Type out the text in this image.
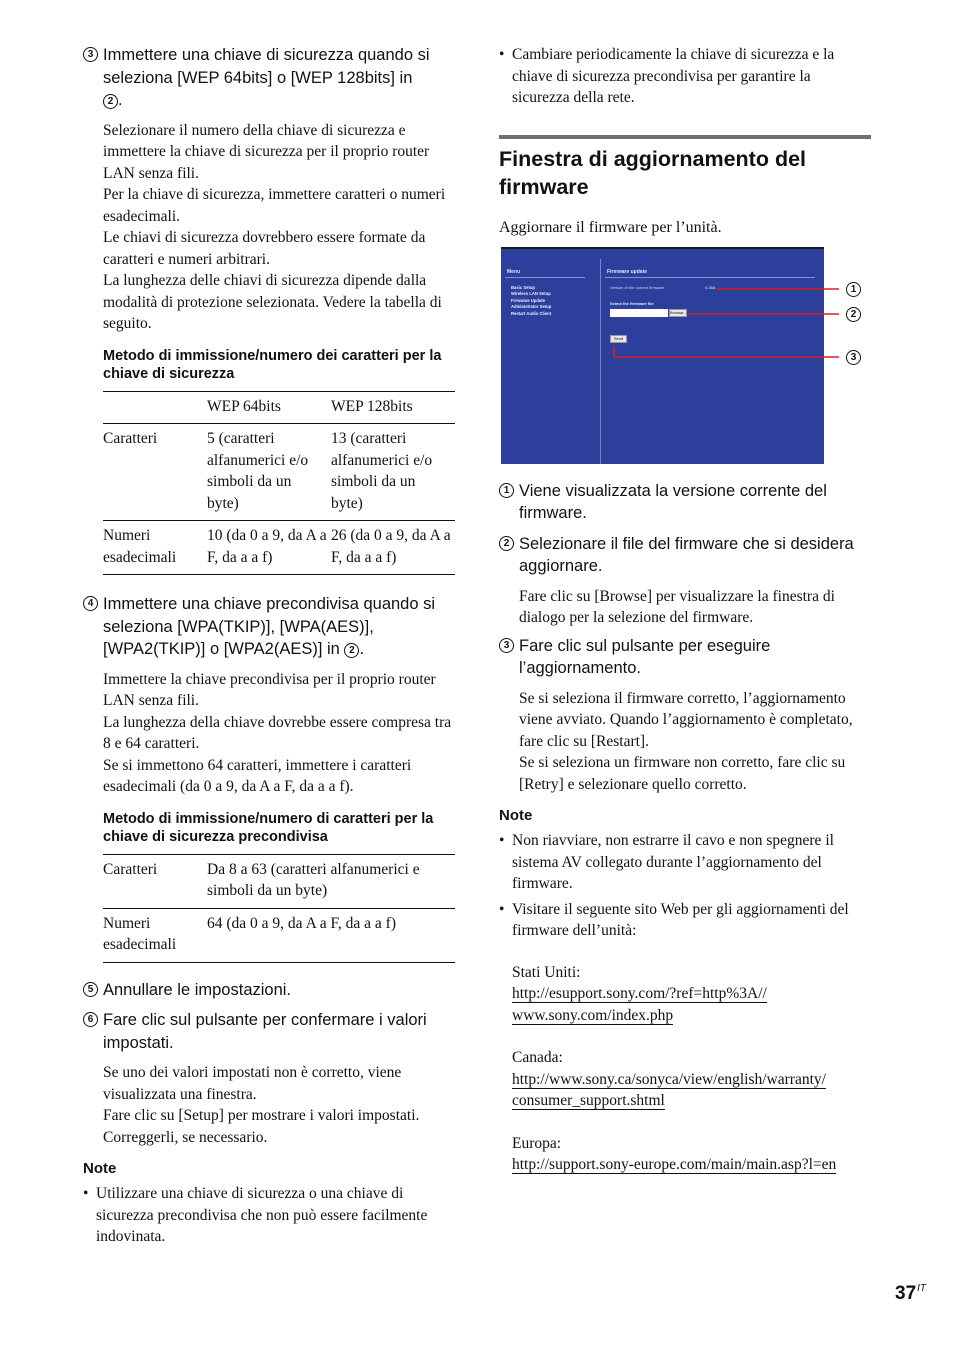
3 Immettere una chiave di sicurezza quando si seleziona [WEP 64bits] o [WEP 128bits] in
2 .

Selezionare il numero della chiave di sicurezza e immettere la chiave di sicurezza per il proprio router LAN senza fili.

Per la chiave di sicurezza, immettere caratteri o numeri esadecimali.

Le chiavi di sicurezza dovrebbero essere formate da caratteri e numeri arbitrari.

La lunghezza delle chiavi di sicurezza dipende dalla modalità di protezione selezionata. Vedere la tabella di seguito.

Metodo di immissione/numero dei caratteri per la chiave di sicurezza
	WEP 64bits	WEP 128bits
Caratteri	5 (caratteri alfanumerici e/o simboli da un byte)	13 (caratteri alfanumerici e/o simboli da un byte)
Numeri esadecimali	10 (da 0 a 9, da A a F, da a a f)	26 (da 0 a 9, da A a F, da a a f)
4 Immettere una chiave precondivisa quando si seleziona [WPA(TKIP)], [WPA(AES)], [WPA2(TKIP)] o [WPA2(AES)] in 2 .

Immettere la chiave precondivisa per il proprio router LAN senza fili.

La lunghezza della chiave dovrebbe essere compresa tra 8 e 64 caratteri.

Se si immettono 64 caratteri, immettere i caratteri esadecimali (da 0 a 9, da A a F, da a a f).

Metodo di immissione/numero di caratteri per la chiave di sicurezza precondivisa
Caratteri	Da 8 a 63 (caratteri alfanumerici e simboli da un byte)
Numeri esadecimali	64 (da 0 a 9, da A a F, da a a f)
5 Annullare le impostazioni.
6 Fare clic sul pulsante per confermare i valori impostati.

Se uno dei valori impostati non è corretto, viene visualizzata una finestra.

Fare clic su [Setup] per mostrare i valori impostati. Correggerli, se necessario.

Note
• Utilizzare una chiave di sicurezza o una chiave di sicurezza precondivisa che non può essere facilmente indovinata.
• Cambiare periodicamente la chiave di sicurezza e la chiave di sicurezza precondivisa per garantire la sicurezza della rete.
Finestra di aggiornamento del firmware

Aggiornare il firmware per l’unità.

Menu
Basic Setup
Wireless LAN Setup
Firmware Update
Administrator Setup
Restart Audio Client
Firmware update
Version of the current firmware	0.26A
Select the firmware file
Browse...
Send
1
2
3
1 Viene visualizzata la versione corrente del firmware.
2 Selezionare il file del firmware che si desidera aggiornare.

Fare clic su [Browse] per visualizzare la finestra di dialogo per la selezione del firmware.

3 Fare clic sul pulsante per eseguire l’aggiornamento.

Se si seleziona il firmware corretto, l’aggiornamento viene avviato. Quando l’aggiornamento è completato, fare clic su [Restart].

Se si seleziona un firmware non corretto, fare clic su [Retry] e selezionare quello corretto.

Note
• Non riavviare, non estrarre il cavo e non spegnere il sistema AV collegato durante l’aggiornamento del firmware.
• Visitare il seguente sito Web per gli aggiornamenti del firmware dell’unità:
Stati Uniti:
http://esupport.sony.com/?ref=http%3A//
www.sony.com/index.php
Canada:
http://www.sony.ca/sonyca/view/english/warranty/
consumer_support.shtml
Europa:
http://support.sony-europe.com/main/main.asp?l=en
$37^{IT}$
